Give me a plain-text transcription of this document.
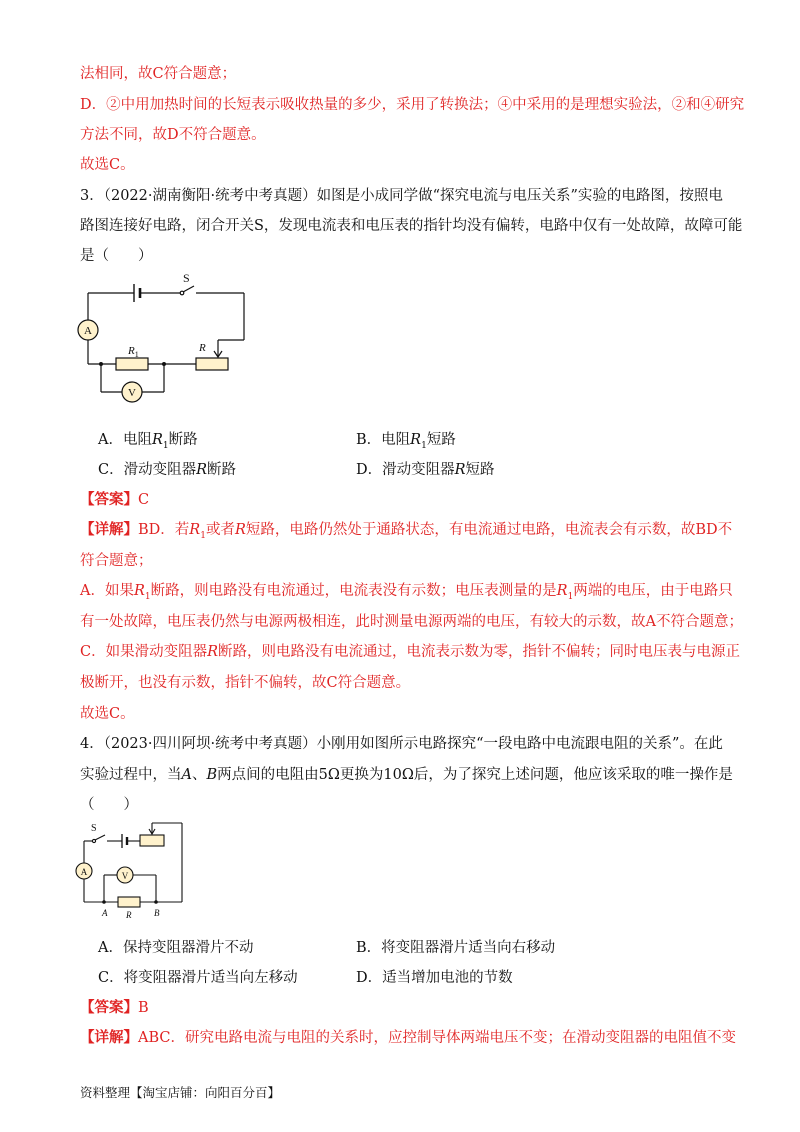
法相同，故C符合题意；
D．②中用加热时间的长短表示吸收热量的多少，采用了转换法；④中采用的是理想实验法，②和④研究
方法不同，故D不符合题意。
故选C。
3．（2022·湖南衡阳·统考中考真题）如图是小成同学做“探究电流与电压关系”实验的电路图，按照电
路图连接好电路，闭合开关S，发现电流表和电压表的指针均没有偏转，电路中仅有一处故障，故障可能
是（　　）
S
A
V
$R_1$
R
A．电阻$R_1$断路	B．电阻$R_1$短路
C．滑动变阻器R断路	D．滑动变阻器R短路
【答案】C
【详解】BD．若$R_1$或者R短路，电路仍然处于通路状态，有电流通过电路，电流表会有示数，故BD不
符合题意；
A．如果$R_1$断路，则电路没有电流通过，电流表没有示数；电压表测量的是$R_1$两端的电压，由于电路只
有一处故障，电压表仍然与电源两极相连，此时测量电源两端的电压，有较大的示数，故A不符合题意；
C．如果滑动变阻器R断路，则电路没有电流通过，电流表示数为零，指针不偏转；同时电压表与电源正
极断开，也没有示数，指针不偏转，故C符合题意。
故选C。
4．（2023·四川阿坝·统考中考真题）小刚用如图所示电路探究“一段电路中电流跟电阻的关系”。在此
实验过程中，当A、B两点间的电阻由5Ω更换为10Ω后，为了探究上述问题，他应该采取的唯一操作是
（　　）
S
A	V
A R	B
A．保持变阻器滑片不动	B．将变阻器滑片适当向右移动
C．将变阻器滑片适当向左移动	D．适当增加电池的节数
【答案】B
【详解】ABC．研究电路电流与电阻的关系时，应控制导体两端电压不变；在滑动变阻器的电阻值不变
资料整理【淘宝店铺：向阳百分百】
